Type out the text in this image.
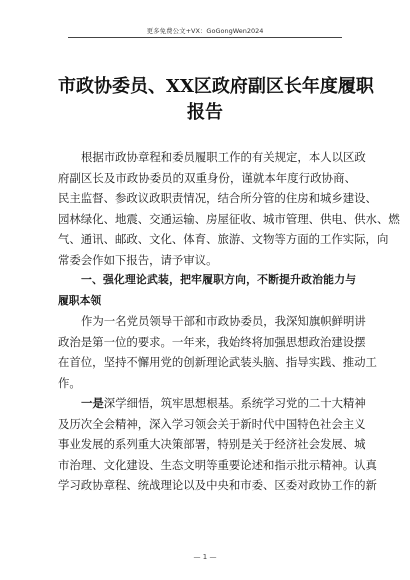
更多免费公文+VX：GoGongWen2024
市政协委员、XX区政府副区长年度履职
报告

根据市政协章程和委员履职工作的有关规定，本人以区政
府副区长及市政协委员的双重身份，谨就本年度行政协商、
民主监督、参政议政职责情况，结合所分管的住房和城乡建设、
园林绿化、地震、交通运输、房屋征收、城市管理、供电、供水、燃
气、通讯、邮政、文化、体育、旅游、文物等方面的工作实际，向
常委会作如下报告，请予审议。

一、强化理论武装，把牢履职方向，不断提升政治能力与
履职本领

作为一名党员领导干部和市政协委员，我深知旗帜鲜明讲
政治是第一位的要求。一年来，我始终将加强思想政治建设摆
在首位，坚持不懈用党的创新理论武装头脑、指导实践、推动工
作。

一是深学细悟，筑牢思想根基。系统学习党的二十大精神
及历次全会精神，深入学习领会关于新时代中国特色社会主义
事业发展的系列重大决策部署，特别是关于经济社会发展、城
市治理、文化建设、生态文明等重要论述和指示批示精神。认真
学习政协章程、统战理论以及中央和市委、区委对政协工作的新

— 1 —
